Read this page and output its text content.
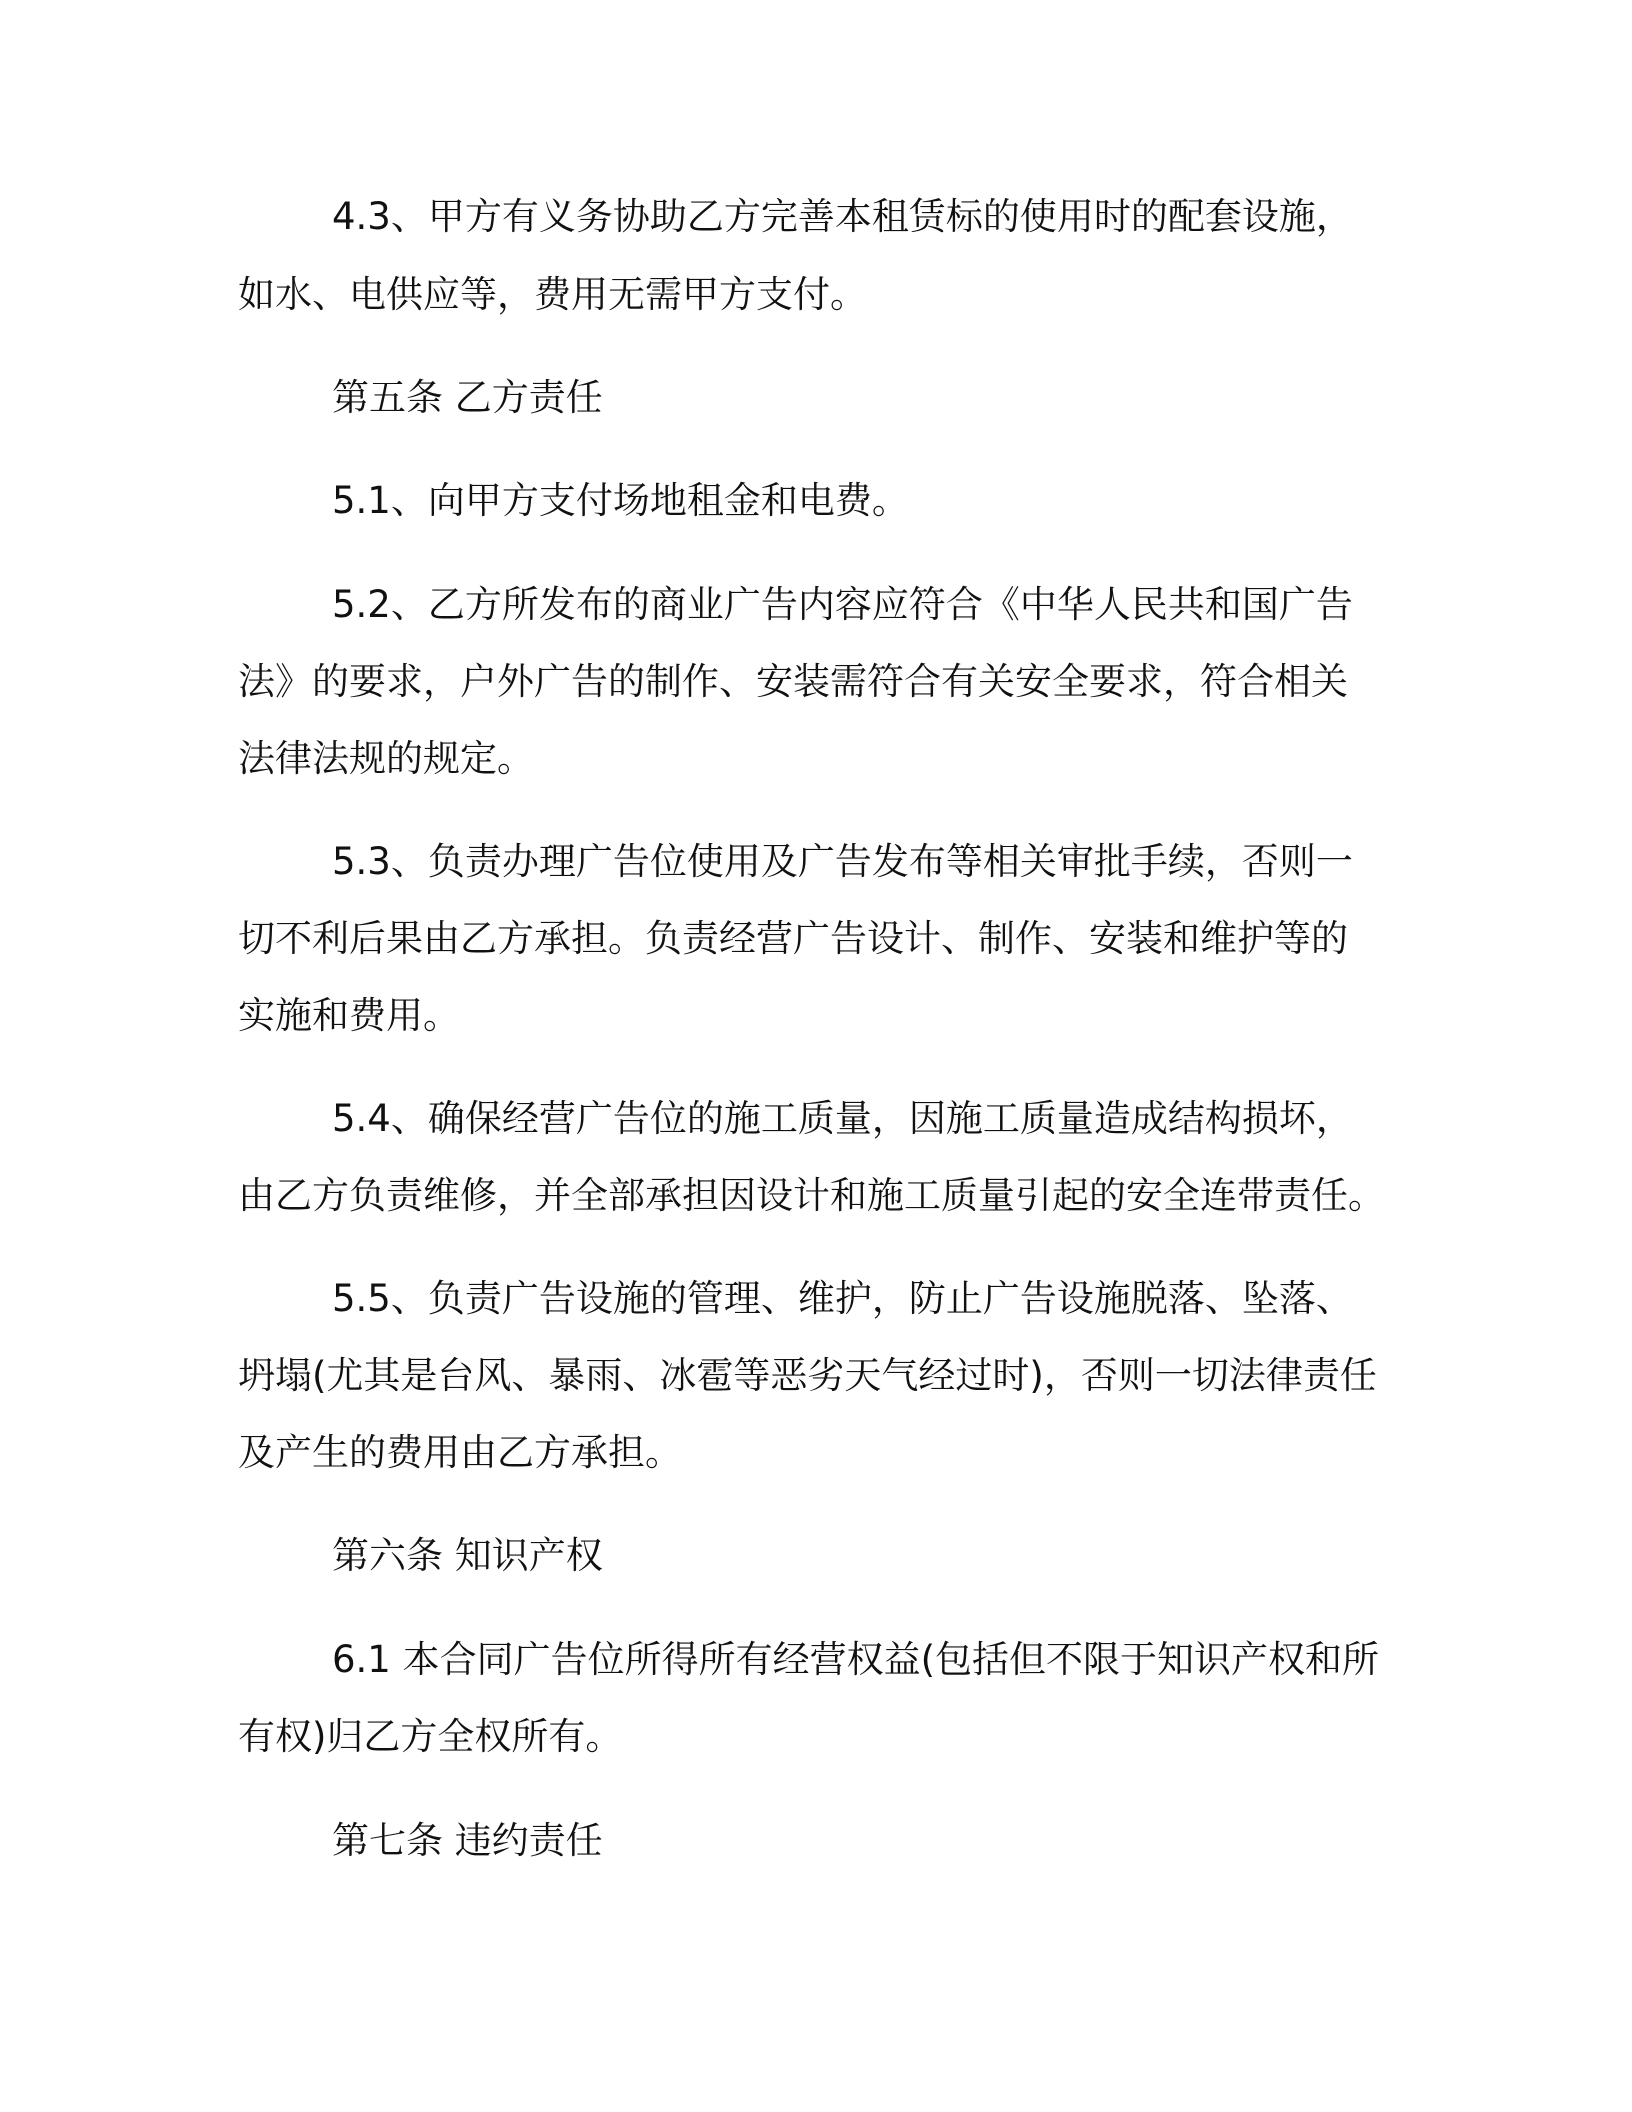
4.3、甲方有义务协助乙方完善本租赁标的使用时的配套设施，

如水、电供应等，费用无需甲方支付。

第五条 乙方责任

5.1、向甲方支付场地租金和电费。

5.2、乙方所发布的商业广告内容应符合《中华人民共和国广告

法》的要求，户外广告的制作、安装需符合有关安全要求，符合相关

法律法规的规定。

5.3、负责办理广告位使用及广告发布等相关审批手续，否则一

切不利后果由乙方承担。负责经营广告设计、制作、安装和维护等的

实施和费用。

5.4、确保经营广告位的施工质量，因施工质量造成结构损坏，

由乙方负责维修，并全部承担因设计和施工质量引起的安全连带责任。

5.5、负责广告设施的管理、维护，防止广告设施脱落、坠落、

坍塌(尤其是台风、暴雨、冰雹等恶劣天气经过时)，否则一切法律责任

及产生的费用由乙方承担。

第六条 知识产权

6.1 本合同广告位所得所有经营权益(包括但不限于知识产权和所

有权)归乙方全权所有。

第七条 违约责任
